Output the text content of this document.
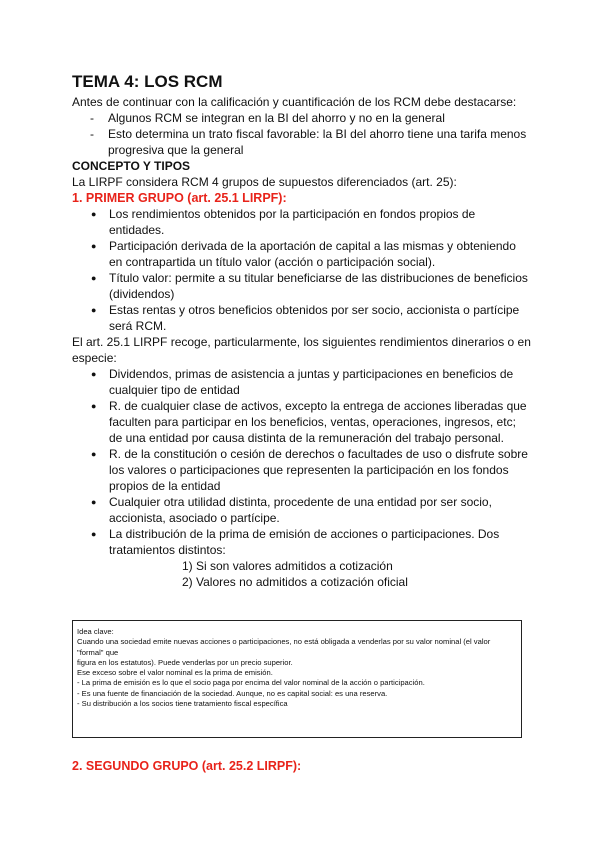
TEMA 4: LOS RCM

Antes de continuar con la calificación y cuantificación de los RCM debe destacarse:

- Algunos RCM se integran en la BI del ahorro y no en la general
- Esto determina un trato fiscal favorable: la BI del ahorro tiene una tarifa menos progresiva que la general

CONCEPTO Y TIPOS

La LIRPF considera RCM 4 grupos de supuestos diferenciados (art. 25):

1. PRIMER GRUPO (art. 25.1 LIRPF):

● Los rendimientos obtenidos por la participación en fondos propios de entidades.
● Participación derivada de la aportación de capital a las mismas y obteniendo en contrapartida un título valor (acción o participación social).
● Título valor: permite a su titular beneficiarse de las distribuciones de beneficios (dividendos)
● Estas rentas y otros beneficios obtenidos por ser socio, accionista o partícipe será RCM.

El art. 25.1 LIRPF recoge, particularmente, los siguientes rendimientos dinerarios o en especie:

● Dividendos, primas de asistencia a juntas y participaciones en beneficios de cualquier tipo de entidad
● R. de cualquier clase de activos, excepto la entrega de acciones liberadas que faculten para participar en los beneficios, ventas, operaciones, ingresos, etc; de una entidad por causa distinta de la remuneración del trabajo personal.
● R. de la constitución o cesión de derechos o facultades de uso o disfrute sobre los valores o participaciones que representen la participación en los fondos propios de la entidad
● Cualquier otra utilidad distinta, procedente de una entidad por ser socio, accionista, asociado o partícipe.
● La distribución de la prima de emisión de acciones o participaciones. Dos tratamientos distintos:
1) Si son valores admitidos a cotización
2) Valores no admitidos a cotización oficial

Idea clave:

Cuando una sociedad emite nuevas acciones o participaciones, no está obligada a venderlas por su valor nominal (el valor "formal" que

figura en los estatutos). Puede venderlas por un precio superior.

Ese exceso sobre el valor nominal es la prima de emisión.

- La prima de emisión es lo que el socio paga por encima del valor nominal de la acción o participación.

- Es una fuente de financiación de la sociedad. Aunque, no es capital social: es una reserva.

- Su distribución a los socios tiene tratamiento fiscal específica

2. SEGUNDO GRUPO (art. 25.2 LIRPF):
